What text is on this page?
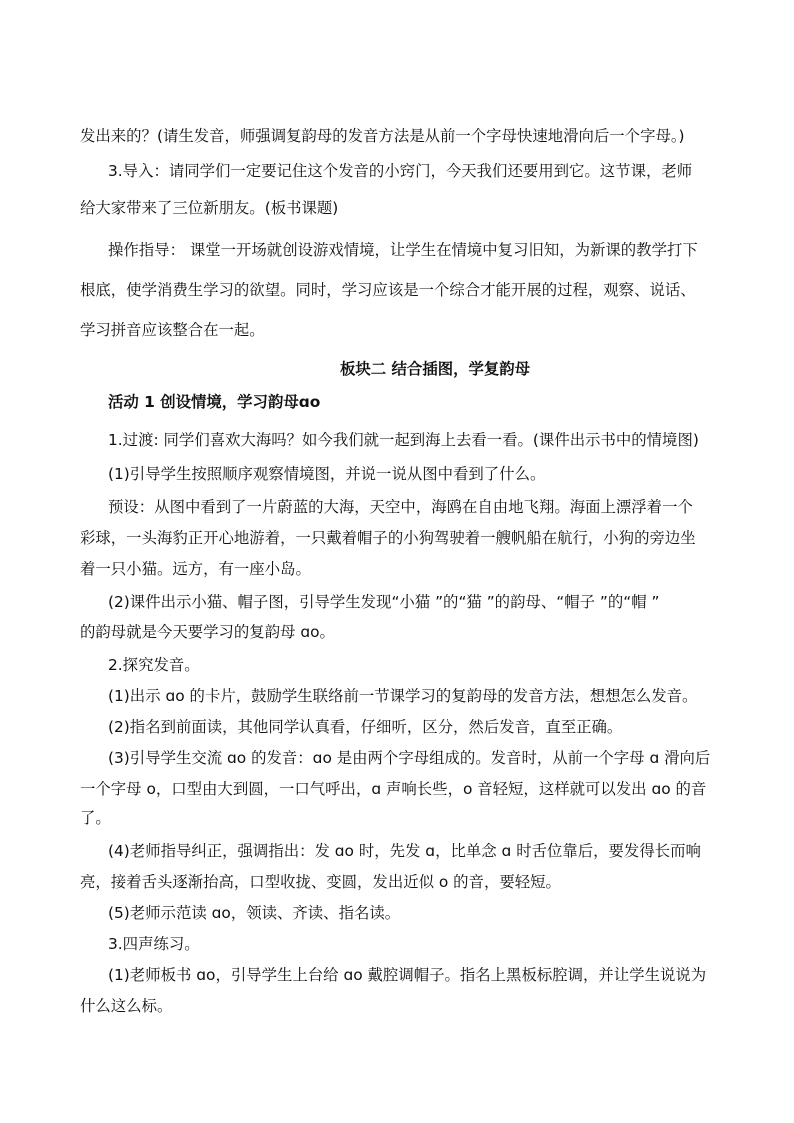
发出来的？(请生发音，师强调复韵母的发音方法是从前一个字母快速地滑向后一个字母。)
3.导入：请同学们一定要记住这个发音的小窍门，今天我们还要用到它。这节课，老师
给大家带来了三位新朋友。(板书课题)
操作指导： 课堂一开场就创设游戏情境，让学生在情境中复习旧知，为新课的教学打下
根底，使学消费生学习的欲望。同时，学习应该是一个综合才能开展的过程，观察、说话、
学习拼音应该整合在一起。
板块二 结合插图，学复韵母
活动 1 创设情境，学习韵母ɑo
1.过渡: 同学们喜欢大海吗？如今我们就一起到海上去看一看。(课件出示书中的情境图)
(1)引导学生按照顺序观察情境图，并说一说从图中看到了什么。
预设：从图中看到了一片蔚蓝的大海，天空中，海鸥在自由地飞翔。海面上漂浮着一个
彩球，一头海豹正开心地游着，一只戴着帽子的小狗驾驶着一艘帆船在航行，小狗的旁边坐
着一只小猫。远方，有一座小岛。
(2)课件出示小猫、帽子图，引导学生发现“小猫 ”的“猫 ”的韵母、“帽子 ”的“帽 ”
的韵母就是今天要学习的复韵母 ɑo。
2.探究发音。
(1)出示 ɑo 的卡片，鼓励学生联络前一节课学习的复韵母的发音方法，想想怎么发音。
(2)指名到前面读，其他同学认真看，仔细听，区分，然后发音，直至正确。
(3)引导学生交流 ɑo 的发音：ɑo 是由两个字母组成的。发音时，从前一个字母 ɑ 滑向后
一个字母 o，口型由大到圆，一口气呼出，ɑ 声响长些，o 音轻短，这样就可以发出 ɑo 的音
了。
(4)老师指导纠正，强调指出：发 ɑo 时，先发 ɑ，比单念 ɑ 时舌位靠后，要发得长而响
亮，接着舌头逐渐抬高，口型收拢、变圆，发出近似 o 的音，要轻短。
(5)老师示范读 ɑo，领读、齐读、指名读。
3.四声练习。
(1)老师板书 ɑo，引导学生上台给 ɑo 戴腔调帽子。指名上黑板标腔调，并让学生说说为
什么这么标。
